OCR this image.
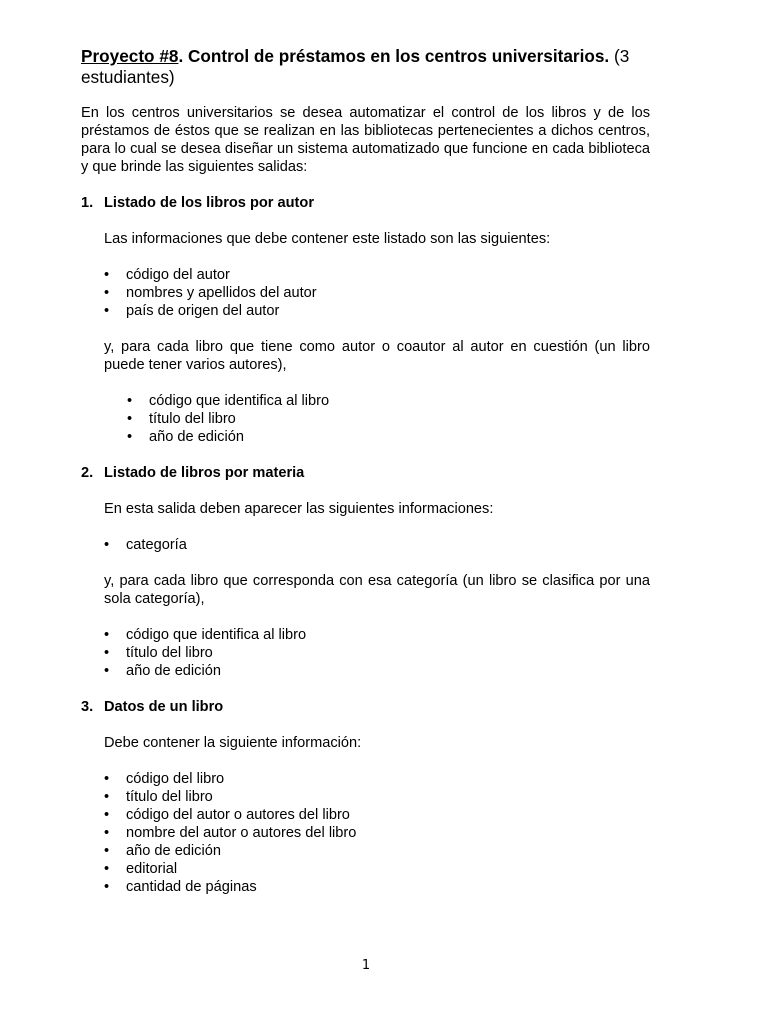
Proyecto #8. Control de préstamos en los centros universitarios. (3 estudiantes)

En los centros universitarios se desea automatizar el control de los libros y de los préstamos de éstos que se realizan en las bibliotecas pertenecientes a dichos centros, para lo cual se desea diseñar un sistema automatizado que funcione en cada biblioteca y que brinde las siguientes salidas:

1. Listado de los libros por autor

Las informaciones que debe contener este listado son las siguientes:

• código del autor
• nombres y apellidos del autor
• país de origen del autor

y, para cada libro que tiene como autor o coautor al autor en cuestión (un libro puede tener varios autores),

• código que identifica al libro
• título del libro
• año de edición
2. Listado de libros por materia

En esta salida deben aparecer las siguientes informaciones:

• categoría

y, para cada libro que corresponda con esa categoría (un libro se clasifica por una sola categoría),

• código que identifica al libro
• título del libro
• año de edición
3. Datos de un libro

Debe contener la siguiente información:

• código del libro
• título del libro
• código del autor o autores del libro
• nombre del autor o autores del libro
• año de edición
• editorial
• cantidad de páginas
1
